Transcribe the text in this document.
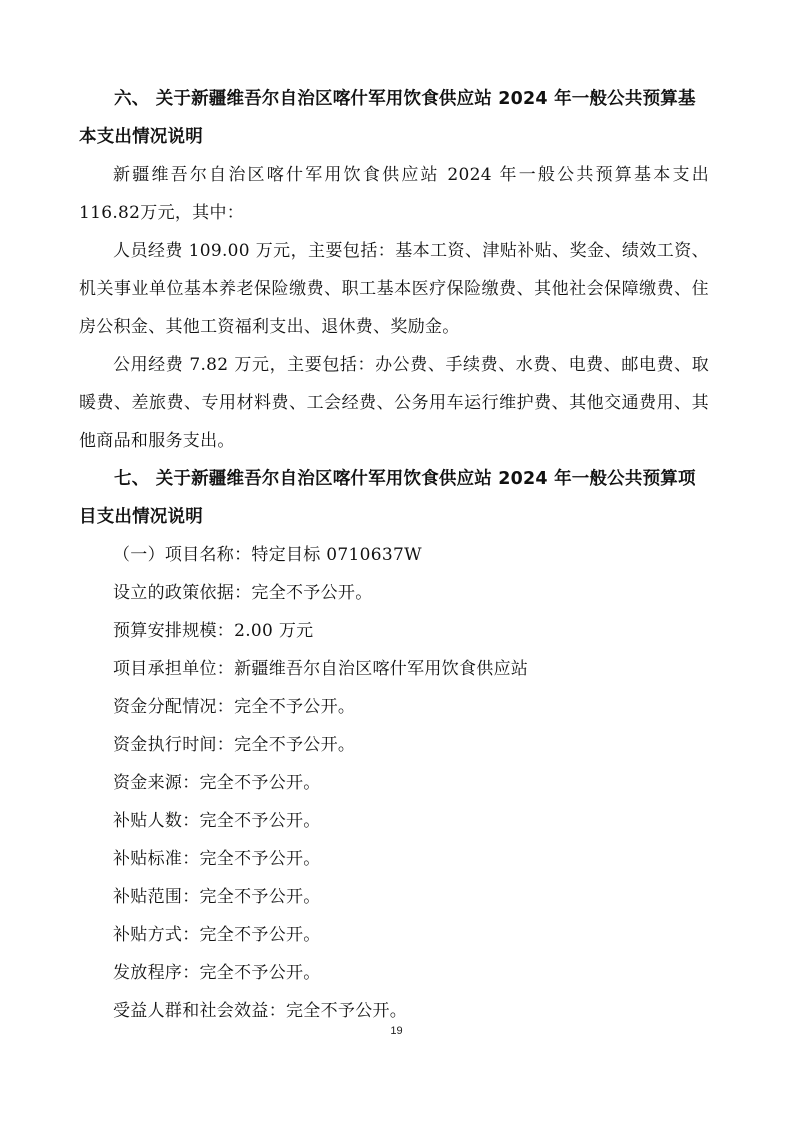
六、 关于新疆维吾尔自治区喀什军用饮食供应站 2024 年一般公共预算基本支出情况说明

新疆维吾尔自治区喀什军用饮食供应站 2024 年一般公共预算基本支出116.82万元，其中：

人员经费 109.00 万元，主要包括：基本工资、津贴补贴、奖金、绩效工资、机关事业单位基本养老保险缴费、职工基本医疗保险缴费、其他社会保障缴费、住房公积金、其他工资福利支出、退休费、奖励金。

公用经费 7.82 万元，主要包括：办公费、手续费、水费、电费、邮电费、取暖费、差旅费、专用材料费、工会经费、公务用车运行维护费、其他交通费用、其他商品和服务支出。

七、 关于新疆维吾尔自治区喀什军用饮食供应站 2024 年一般公共预算项目支出情况说明

（一）项目名称：特定目标 0710637W

设立的政策依据：完全不予公开。

预算安排规模：2.00 万元

项目承担单位：新疆维吾尔自治区喀什军用饮食供应站

资金分配情况：完全不予公开。

资金执行时间：完全不予公开。

资金来源：完全不予公开。

补贴人数：完全不予公开。

补贴标准：完全不予公开。

补贴范围：完全不予公开。

补贴方式：完全不予公开。

发放程序：完全不予公开。

受益人群和社会效益：完全不予公开。

19
